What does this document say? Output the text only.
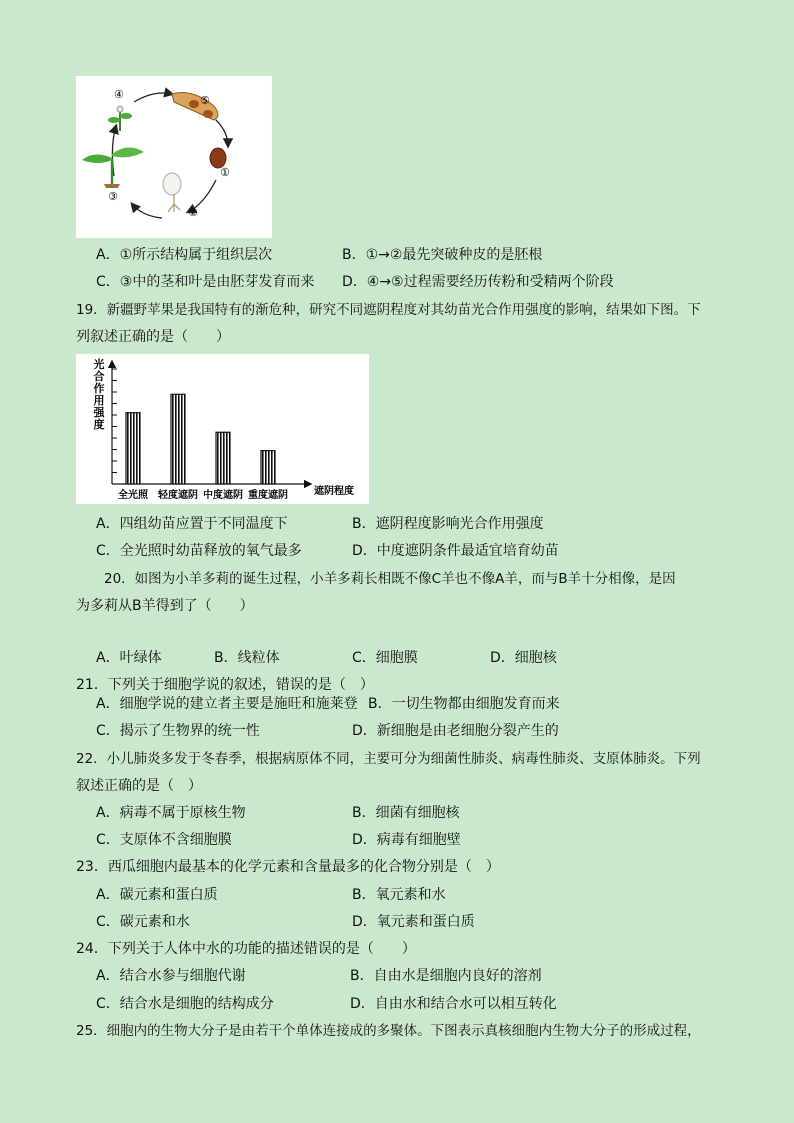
④	⑤
①
②
③
A．①所示结构属于组织层次	B．①→②最先突破种皮的是胚根
C．③中的茎和叶是由胚芽发育而来 D．④→⑤过程需要经历传粉和受精两个阶段
19．新疆野苹果是我国特有的渐危种，研究不同遮阴程度对其幼苗光合作用强度的影响，结果如下图。下
列叙述正确的是（　　）
全光照 轻度遮阴 中度遮阴 重度遮阴
光合作用强度
遮阴程度
A．四组幼苗应置于不同温度下	B．遮阴程度影响光合作用强度
C．全光照时幼苗释放的氧气最多	D．中度遮阴条件最适宜培育幼苗
20．如图为小羊多莉的诞生过程，小羊多莉长相既不像C羊也不像A羊，而与B羊十分相像，是因
为多莉从B羊得到了（　　）
A．叶绿体	B．线粒体	C．细胞膜	D．细胞核
21．下列关于细胞学说的叙述，错误的是（　）
A．细胞学说的建立者主要是施旺和施莱登 B．一切生物都由细胞发育而来
C．揭示了生物界的统一性	D．新细胞是由老细胞分裂产生的
22．小儿肺炎多发于冬春季，根据病原体不同，主要可分为细菌性肺炎、病毒性肺炎、支原体肺炎。下列
叙述正确的是（　）
A．病毒不属于原核生物	B．细菌有细胞核
C．支原体不含细胞膜	D．病毒有细胞壁
23．西瓜细胞内最基本的化学元素和含量最多的化合物分别是（　）
A．碳元素和蛋白质	B．氧元素和水
C．碳元素和水	D．氧元素和蛋白质
24．下列关于人体中水的功能的描述错误的是（　　）
A．结合水参与细胞代谢	B．自由水是细胞内良好的溶剂
C．结合水是细胞的结构成分	D．自由水和结合水可以相互转化
25．细胞内的生物大分子是由若干个单体连接成的多聚体。下图表示真核细胞内生物大分子的形成过程，
